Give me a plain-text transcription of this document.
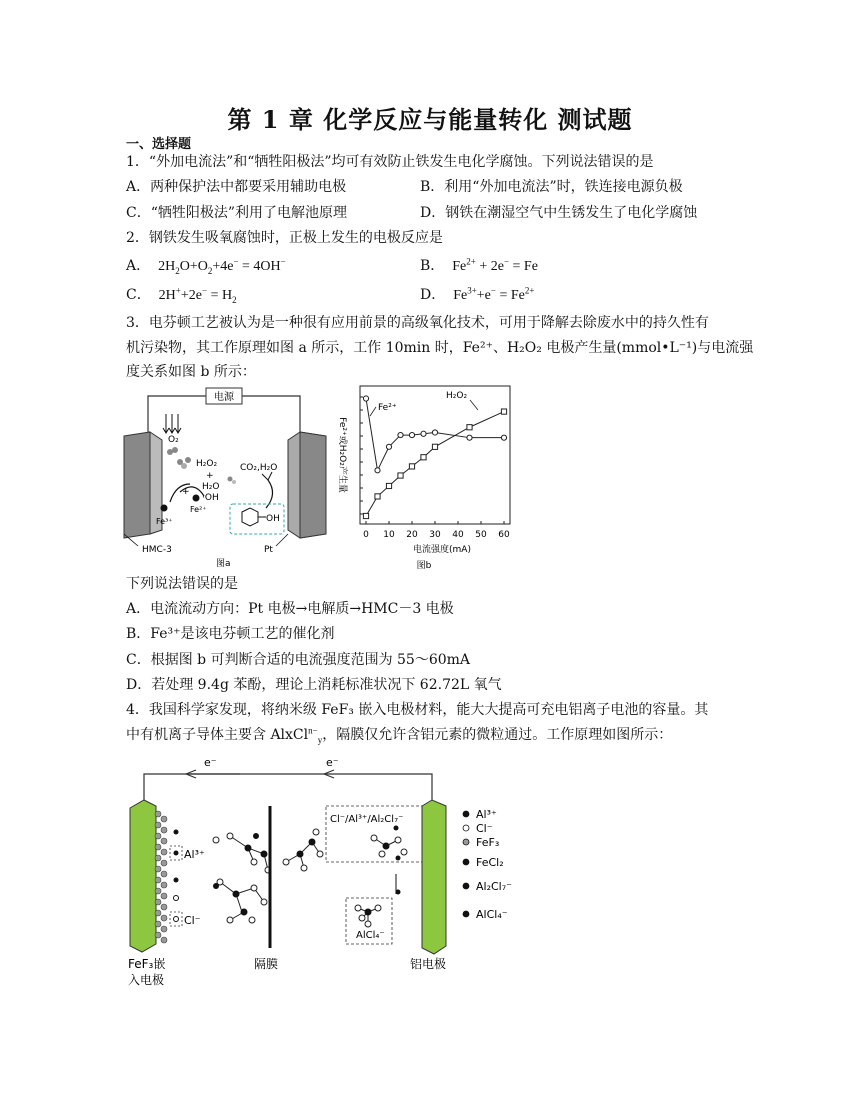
第 1 章 化学反应与能量转化 测试题
一、选择题
1．“外加电流法”和“牺牲阳极法”均可有效防止铁发生电化学腐蚀。下列说法错误的是
A．两种保护法中都要采用辅助电极	B．利用“外加电流法”时，铁连接电源负极
C．“牺牲阳极法”利用了电解池原理	D．钢铁在潮湿空气中生锈发生了电化学腐蚀
2．钢铁发生吸氧腐蚀时，正极上发生的电极反应是
A．  $2H_2O+O_2+4e^- = 4OH^-$	B．  $Fe^{2+} + 2e^- = Fe$
C．  $2H^++2e^- = H_2$	D．  $Fe^{3+}+e^- = Fe^{2+}$
3．电芬顿工艺被认为是一种很有应用前景的高级氧化技术，可用于降解去除废水中的持久性有
机污染物，其工作原理如图 a 所示，工作 10min 时，Fe²⁺、H₂O₂ 电极产生量(mmol•L⁻¹)与电流强
度关系如图 b 所示：
电源
O₂
H₂O₂
+
H₂O
·OH
CO₂,H₂O
Fe²⁺
+
Fe³⁺	OH
HMC-3	Pt
图a
Fe²⁺或H₂O₂产生量
电流强度(mA)
图b
0 10 20 30 40 50 60
Fe²⁺
H₂O₂
下列说法错误的是
A．电流流动方向：Pt 电极→电解质→HMC－3 电极
B．Fe³⁺是该电芬顿工艺的催化剂
C．根据图 b 可判断合适的电流强度范围为 55～60mA
D．若处理 9.4g 苯酚，理论上消耗标准状况下 62.72L 氧气
4．我国科学家发现，将纳米级 FeF₃ 嵌入电极材料，能大大提高可充电铝离子电池的容量。其
中有机离子导体主要含 AlxCl$^{n-}_y$，隔膜仅允许含铝元素的微粒通过。工作原理如图所示：
e⁻	e⁻
Al³⁺
Cl⁻
Cl⁻/Al³⁺/Al₂Cl₇⁻
AlCl₄⁻
Al³⁺
Cl⁻
FeF₃
FeCl₂
Al₂Cl₇⁻
AlCl₄⁻
FeF₃嵌
入电极
隔膜	铝电极
